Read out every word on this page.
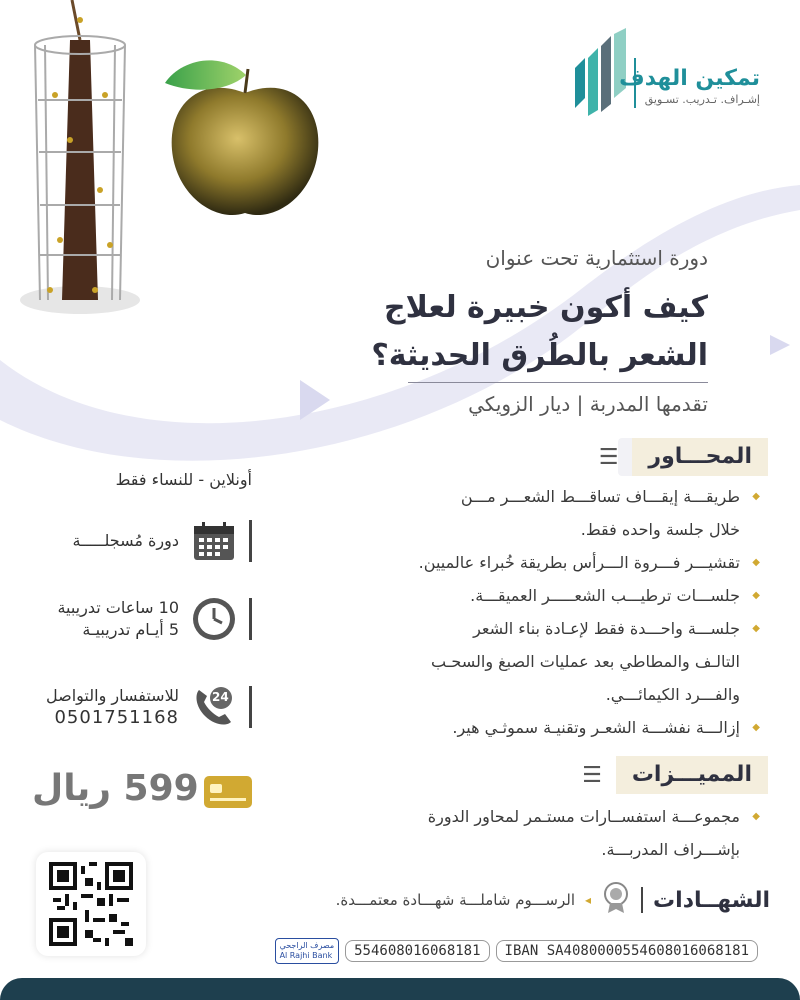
تمكين الهدف
إشـراف. تـدريب. تسـويق
دورة استثمارية تحت عنوان
كيف أكون خبيرة لعلاج
الشعر بالطُرق الحديثة؟
تقدمها المدربة | ديار الزويكي
المحـــاور
☰
◆ طريقـــة إيقـــاف تساقـــط الشعـــر مـــن
خلال جلسة واحده فقط.
◆ تقشيـــر فـــروة الـــرأس بطريقة خُبراء عالميين.
◆ جلســـات ترطيـــب الشعـــــر العميقـــة.
◆ جلســـة واحـــدة فقط لإعـادة بناء الشعر
التالـف والمطاطي بعد عمليات الصبغ والسحـب
والفـــرد الكيمائـــي.
◆ إزالـــة نفشـــة الشعـر وتقنيـة سموثـي هير.
المميـــزات
☰
◆ مجموعـــة استفســارات مستـمر لمحاور الدورة
بإشـــراف المدربـــة.
أونلاين - للنساء فقط
دورة مُسجلـــــة
10 ساعات تدريبية
5 أيـام تدريبيـة
24
للاستفسار والتواصل
0501751168
599 ريال
الشهــادات
◂
الرســـوم شاملـــة شهـــادة معتمـــدة.
مصرف الراجحي
Al Rajhi Bank	554608016068181	IBAN SA4080000554608016068181
